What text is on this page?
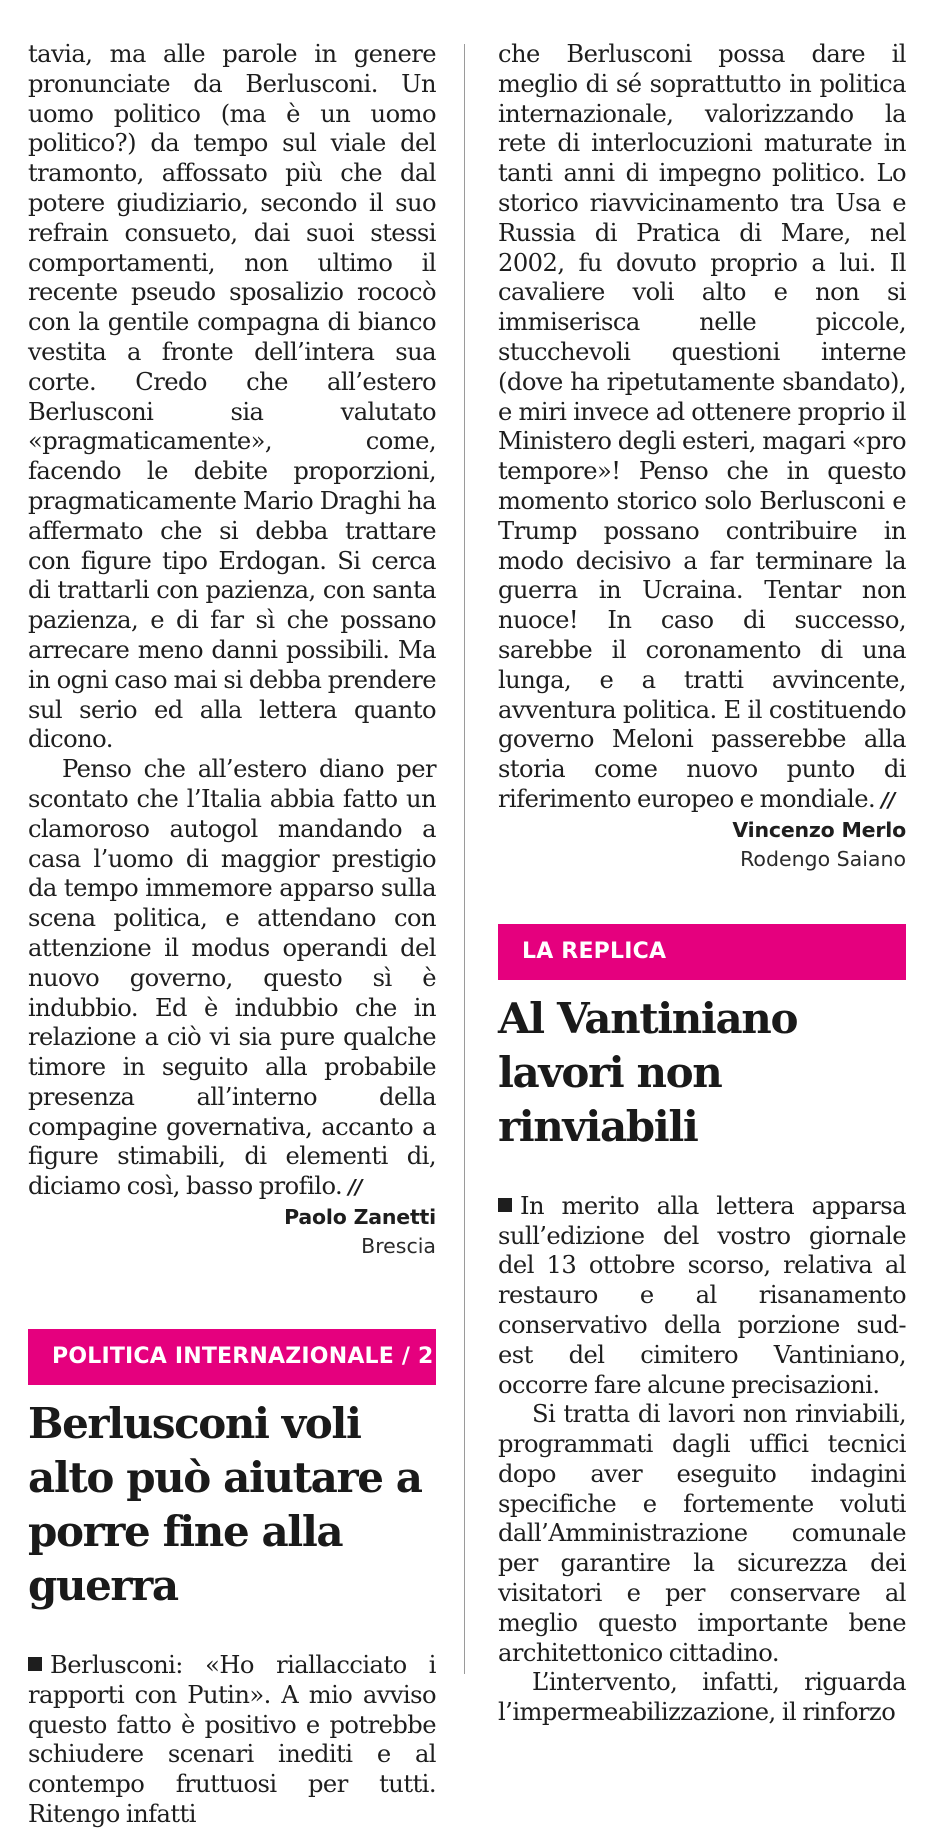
tavia, ma alle parole in genere pronunciate da Berlusconi. Un uomo politico (ma è un uomo politico?) da tempo sul viale del tramonto, affossato più che dal potere giudiziario, secondo il suo refrain consueto, dai suoi stessi comportamenti, non ultimo il recente pseudo sposalizio rococò con la gentile compagna di bianco vestita a fronte dell’intera sua corte. Credo che all’estero Berlusconi sia valutato «pragmaticamente», come, facendo le debite proporzioni, pragmaticamente Mario Draghi ha affermato che si debba trattare con figure tipo Erdogan. Si cerca di trattarli con pazienza, con santa pazienza, e di far sì che possano arrecare meno danni possibili. Ma in ogni caso mai si debba prendere sul serio ed alla lettera quanto dicono.

Penso che all’estero diano per scontato che l’Italia abbia fatto un clamoroso autogol mandando a casa l’uomo di maggior prestigio da tempo immemore apparso sulla scena politica, e attendano con attenzione il modus operandi del nuovo governo, questo sì è indubbio. Ed è indubbio che in relazione a ciò vi sia pure qualche timore in seguito alla probabile presenza all’interno della compagine governativa, accanto a figure stimabili, di elementi di, diciamo così, basso profilo. //

Paolo Zanetti
Brescia
POLITICA INTERNAZIONALE / 2
Berlusconi voli alto può aiutare a porre fine alla guerra

Berlusconi: «Ho riallacciato i rapporti con Putin». A mio avviso questo fatto è positivo e potrebbe schiudere scenari inediti e al contempo fruttuosi per tutti. Ritengo infatti

che Berlusconi possa dare il meglio di sé soprattutto in politica internazionale, valorizzando la rete di interlocuzioni maturate in tanti anni di impegno politico. Lo storico riavvicinamento tra Usa e Russia di Pratica di Mare, nel 2002, fu dovuto proprio a lui. Il cavaliere voli alto e non si immiserisca nelle piccole, stucchevoli questioni interne (dove ha ripetutamente sbandato), e miri invece ad ottenere proprio il Ministero degli esteri, magari «pro tempore»! Penso che in questo momento storico solo Berlusconi e Trump possano contribuire in modo decisivo a far terminare la guerra in Ucraina. Tentar non nuoce! In caso di successo, sarebbe il coronamento di una lunga, e a tratti avvincente, avventura politica. E il costituendo governo Meloni passerebbe alla storia come nuovo punto di riferimento europeo e mondiale. //

Vincenzo Merlo
Rodengo Saiano
LA REPLICA
Al Vantiniano lavori non rinviabili

In merito alla lettera apparsa sull’edizione del vostro giornale del 13 ottobre scorso, relativa al restauro e al risanamento conservativo della porzione sud-est del cimitero Vantiniano, occorre fare alcune precisazioni.

Si tratta di lavori non rinviabili, programmati dagli uffici tecnici dopo aver eseguito indagini specifiche e fortemente voluti dall’Amministrazione comunale per garantire la sicurezza dei visitatori e per conservare al meglio questo importante bene architettonico cittadino.

L’intervento, infatti, riguarda l’impermeabilizzazione, il rinforzo
